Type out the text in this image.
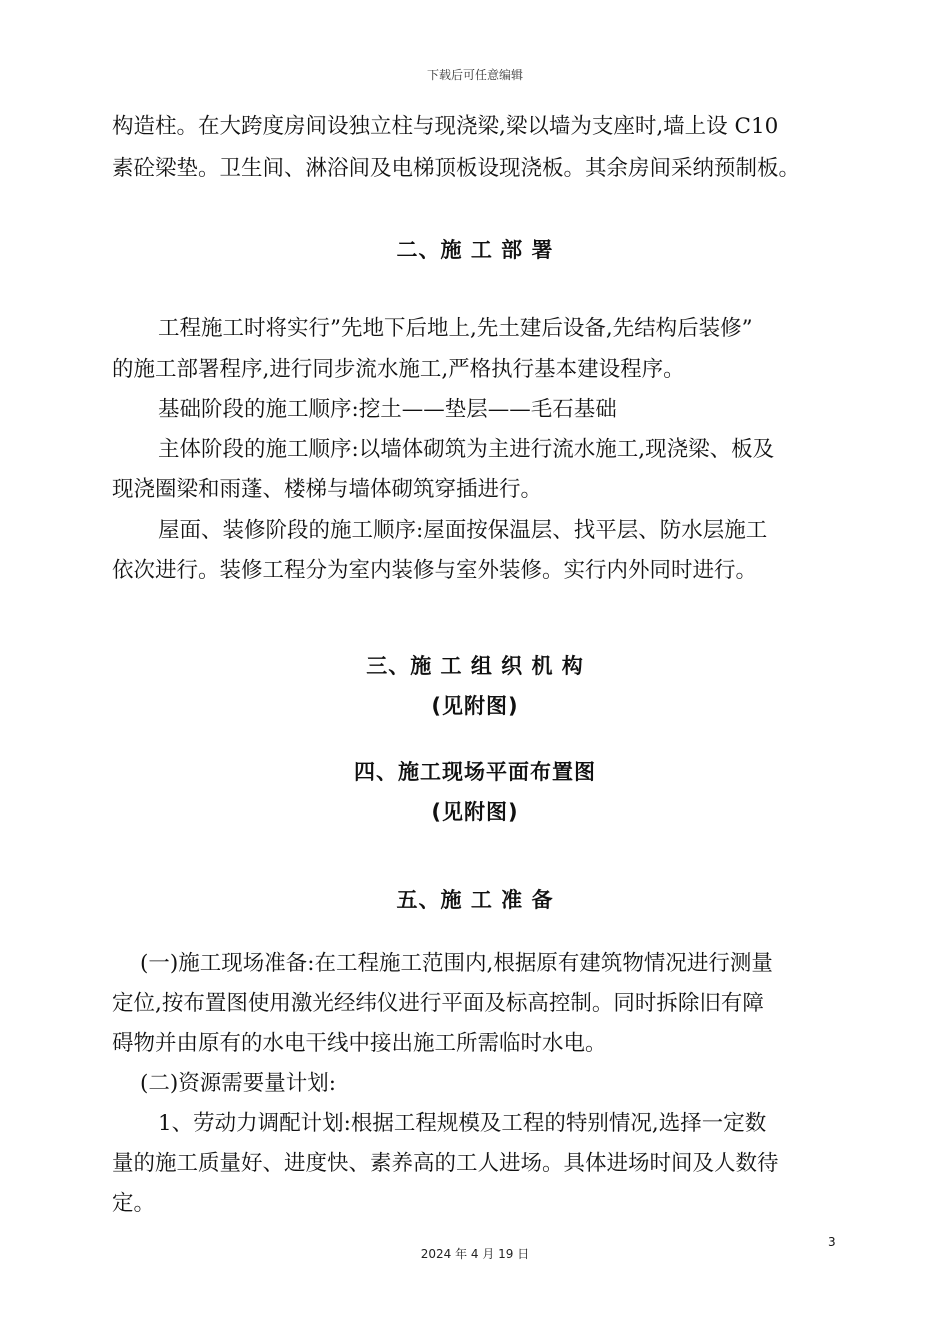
下载后可任意编辑
构造柱。在大跨度房间设独立柱与现浇梁,梁以墙为支座时,墙上设 C10
素砼梁垫。卫生间、淋浴间及电梯顶板设现浇板。其余房间采纳预制板。
二、施 工 部 署
工程施工时将实行”先地下后地上,先土建后设备,先结构后装修”
的施工部署程序,进行同步流水施工,严格执行基本建设程序。
基础阶段的施工顺序:挖土——垫层——毛石基础
主体阶段的施工顺序:以墙体砌筑为主进行流水施工,现浇梁、板及
现浇圈梁和雨蓬、楼梯与墙体砌筑穿插进行。
屋面、装修阶段的施工顺序:屋面按保温层、找平层、防水层施工
依次进行。装修工程分为室内装修与室外装修。实行内外同时进行。
三、施 工 组 织 机 构
(见附图)
四、施工现场平面布置图
(见附图)
五、施 工 准 备
(一)施工现场准备:在工程施工范围内,根据原有建筑物情况进行测量
定位,按布置图使用激光经纬仪进行平面及标高控制。同时拆除旧有障
碍物并由原有的水电干线中接出施工所需临时水电。
(二)资源需要量计划:
1、劳动力调配计划:根据工程规模及工程的特别情况,选择一定数
量的施工质量好、进度快、素养高的工人进场。具体进场时间及人数待
定。
3
2024 年 4 月 19 日
